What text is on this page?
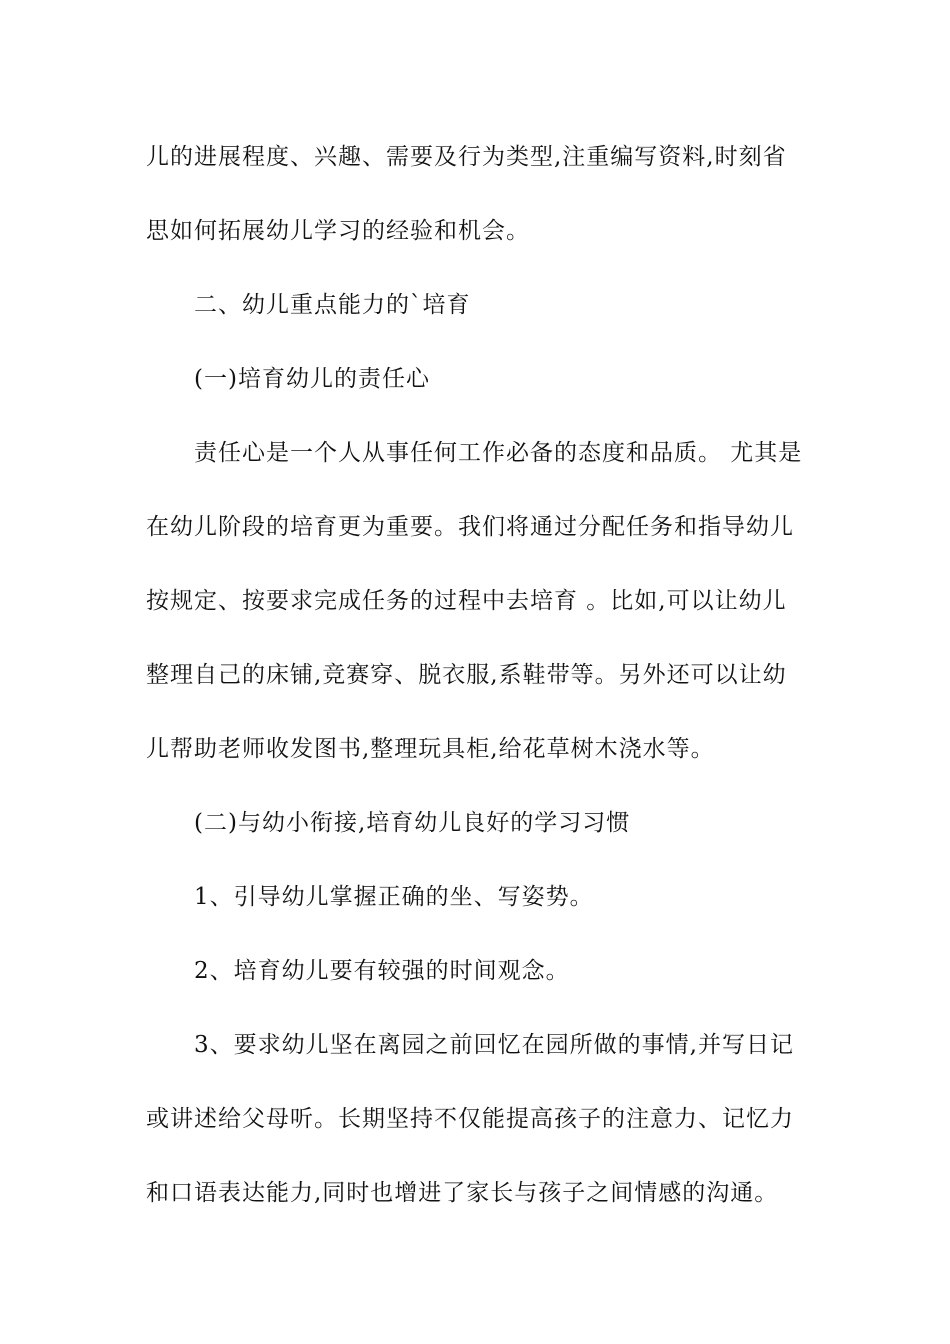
儿的进展程度、兴趣、需要及行为类型,注重编写资料,时刻省
思如何拓展幼儿学习的经验和机会。
二、幼儿重点能力的`培育
(一)培育幼儿的责任心
责任心是一个人从事任何工作必备的态度和品质。 尤其是
在幼儿阶段的培育更为重要。我们将通过分配任务和指导幼儿
按规定、按要求完成任务的过程中去培育 。比如,可以让幼儿
整理自己的床铺,竞赛穿、脱衣服,系鞋带等。另外还可以让幼
儿帮助老师收发图书,整理玩具柜,给花草树木浇水等。
(二)与幼小衔接,培育幼儿良好的学习习惯
1、引导幼儿掌握正确的坐、写姿势。
2、培育幼儿要有较强的时间观念。
3、要求幼儿坚在离园之前回忆在园所做的事情,并写日记
或讲述给父母听。长期坚持不仅能提高孩子的注意力、记忆力
和口语表达能力,同时也增进了家长与孩子之间情感的沟通。
